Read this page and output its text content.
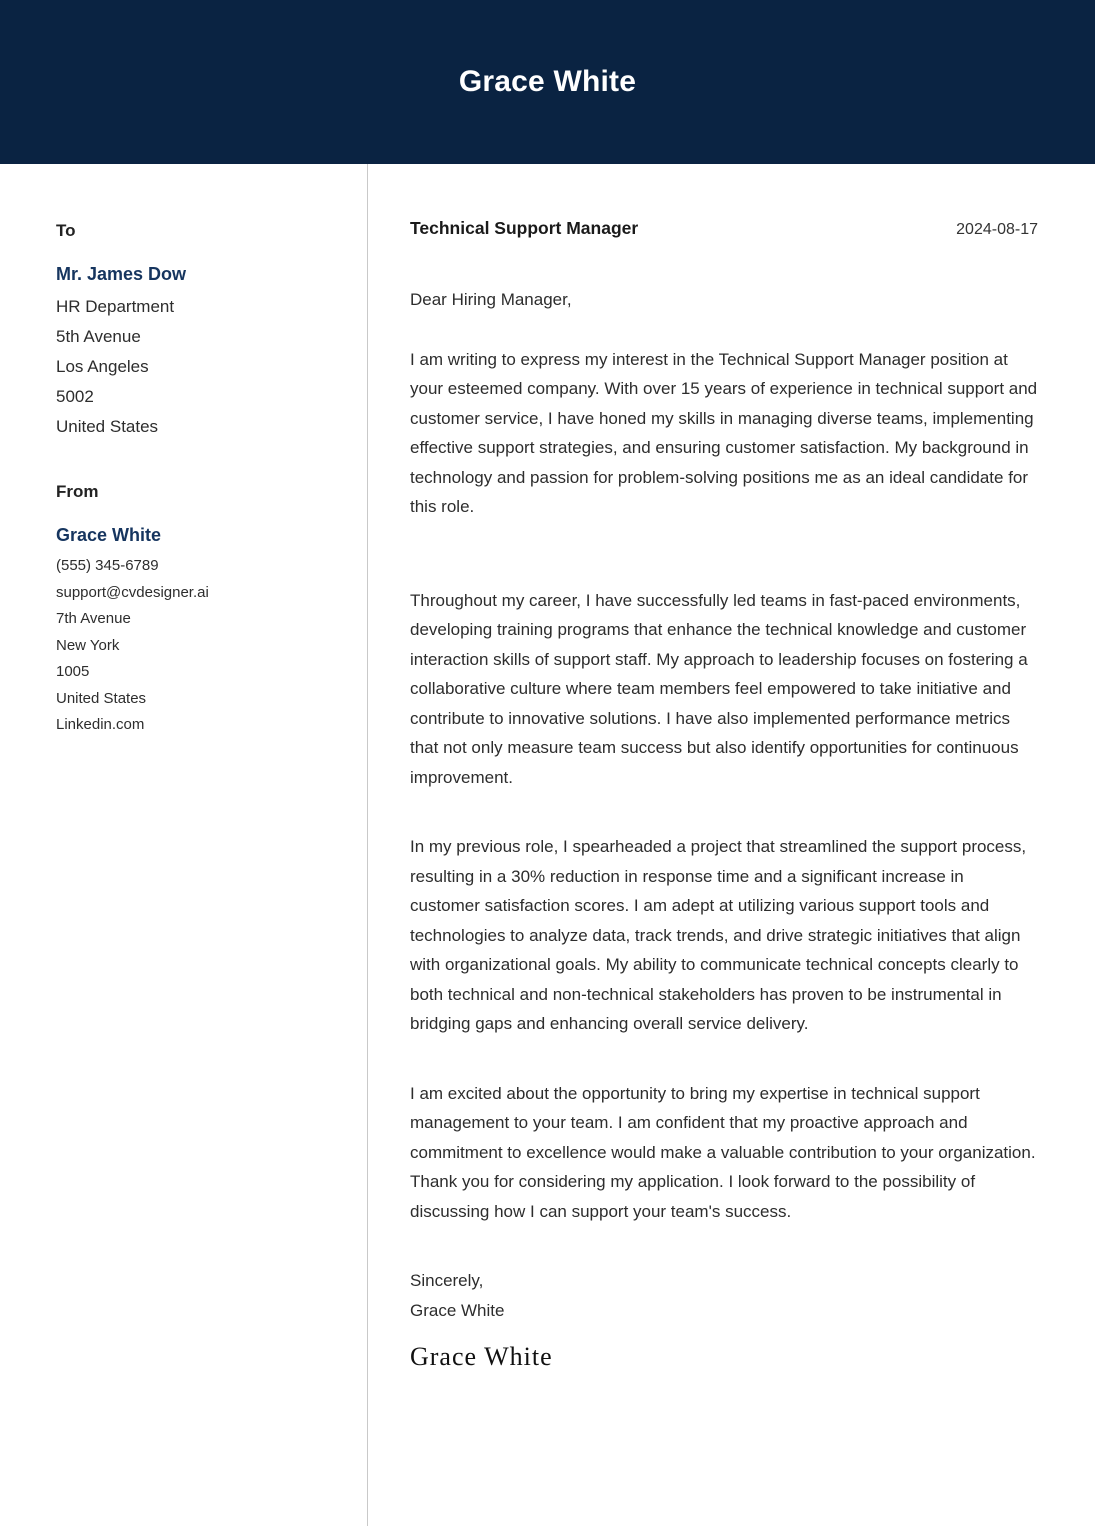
Grace White
To
Mr. James Dow
HR Department
5th Avenue
Los Angeles
5002
United States
From
Grace White
(555) 345-6789
support@cvdesigner.ai
7th Avenue
New York
1005
United States
Linkedin.com
Technical Support Manager	2024-08-17
Dear Hiring Manager,

I am writing to express my interest in the Technical Support Manager position at your esteemed company. With over 15 years of experience in technical support and customer service, I have honed my skills in managing diverse teams, implementing effective support strategies, and ensuring customer satisfaction. My background in technology and passion for problem-solving positions me as an ideal candidate for this role.

Throughout my career, I have successfully led teams in fast-paced environments, developing training programs that enhance the technical knowledge and customer interaction skills of support staff. My approach to leadership focuses on fostering a collaborative culture where team members feel empowered to take initiative and contribute to innovative solutions. I have also implemented performance metrics that not only measure team success but also identify opportunities for continuous improvement.

In my previous role, I spearheaded a project that streamlined the support process, resulting in a 30% reduction in response time and a significant increase in customer satisfaction scores. I am adept at utilizing various support tools and technologies to analyze data, track trends, and drive strategic initiatives that align with organizational goals. My ability to communicate technical concepts clearly to both technical and non-technical stakeholders has proven to be instrumental in bridging gaps and enhancing overall service delivery.

I am excited about the opportunity to bring my expertise in technical support management to your team. I am confident that my proactive approach and commitment to excellence would make a valuable contribution to your organization. Thank you for considering my application. I look forward to the possibility of discussing how I can support your team's success.

Sincerely,
Grace White
Grace White
